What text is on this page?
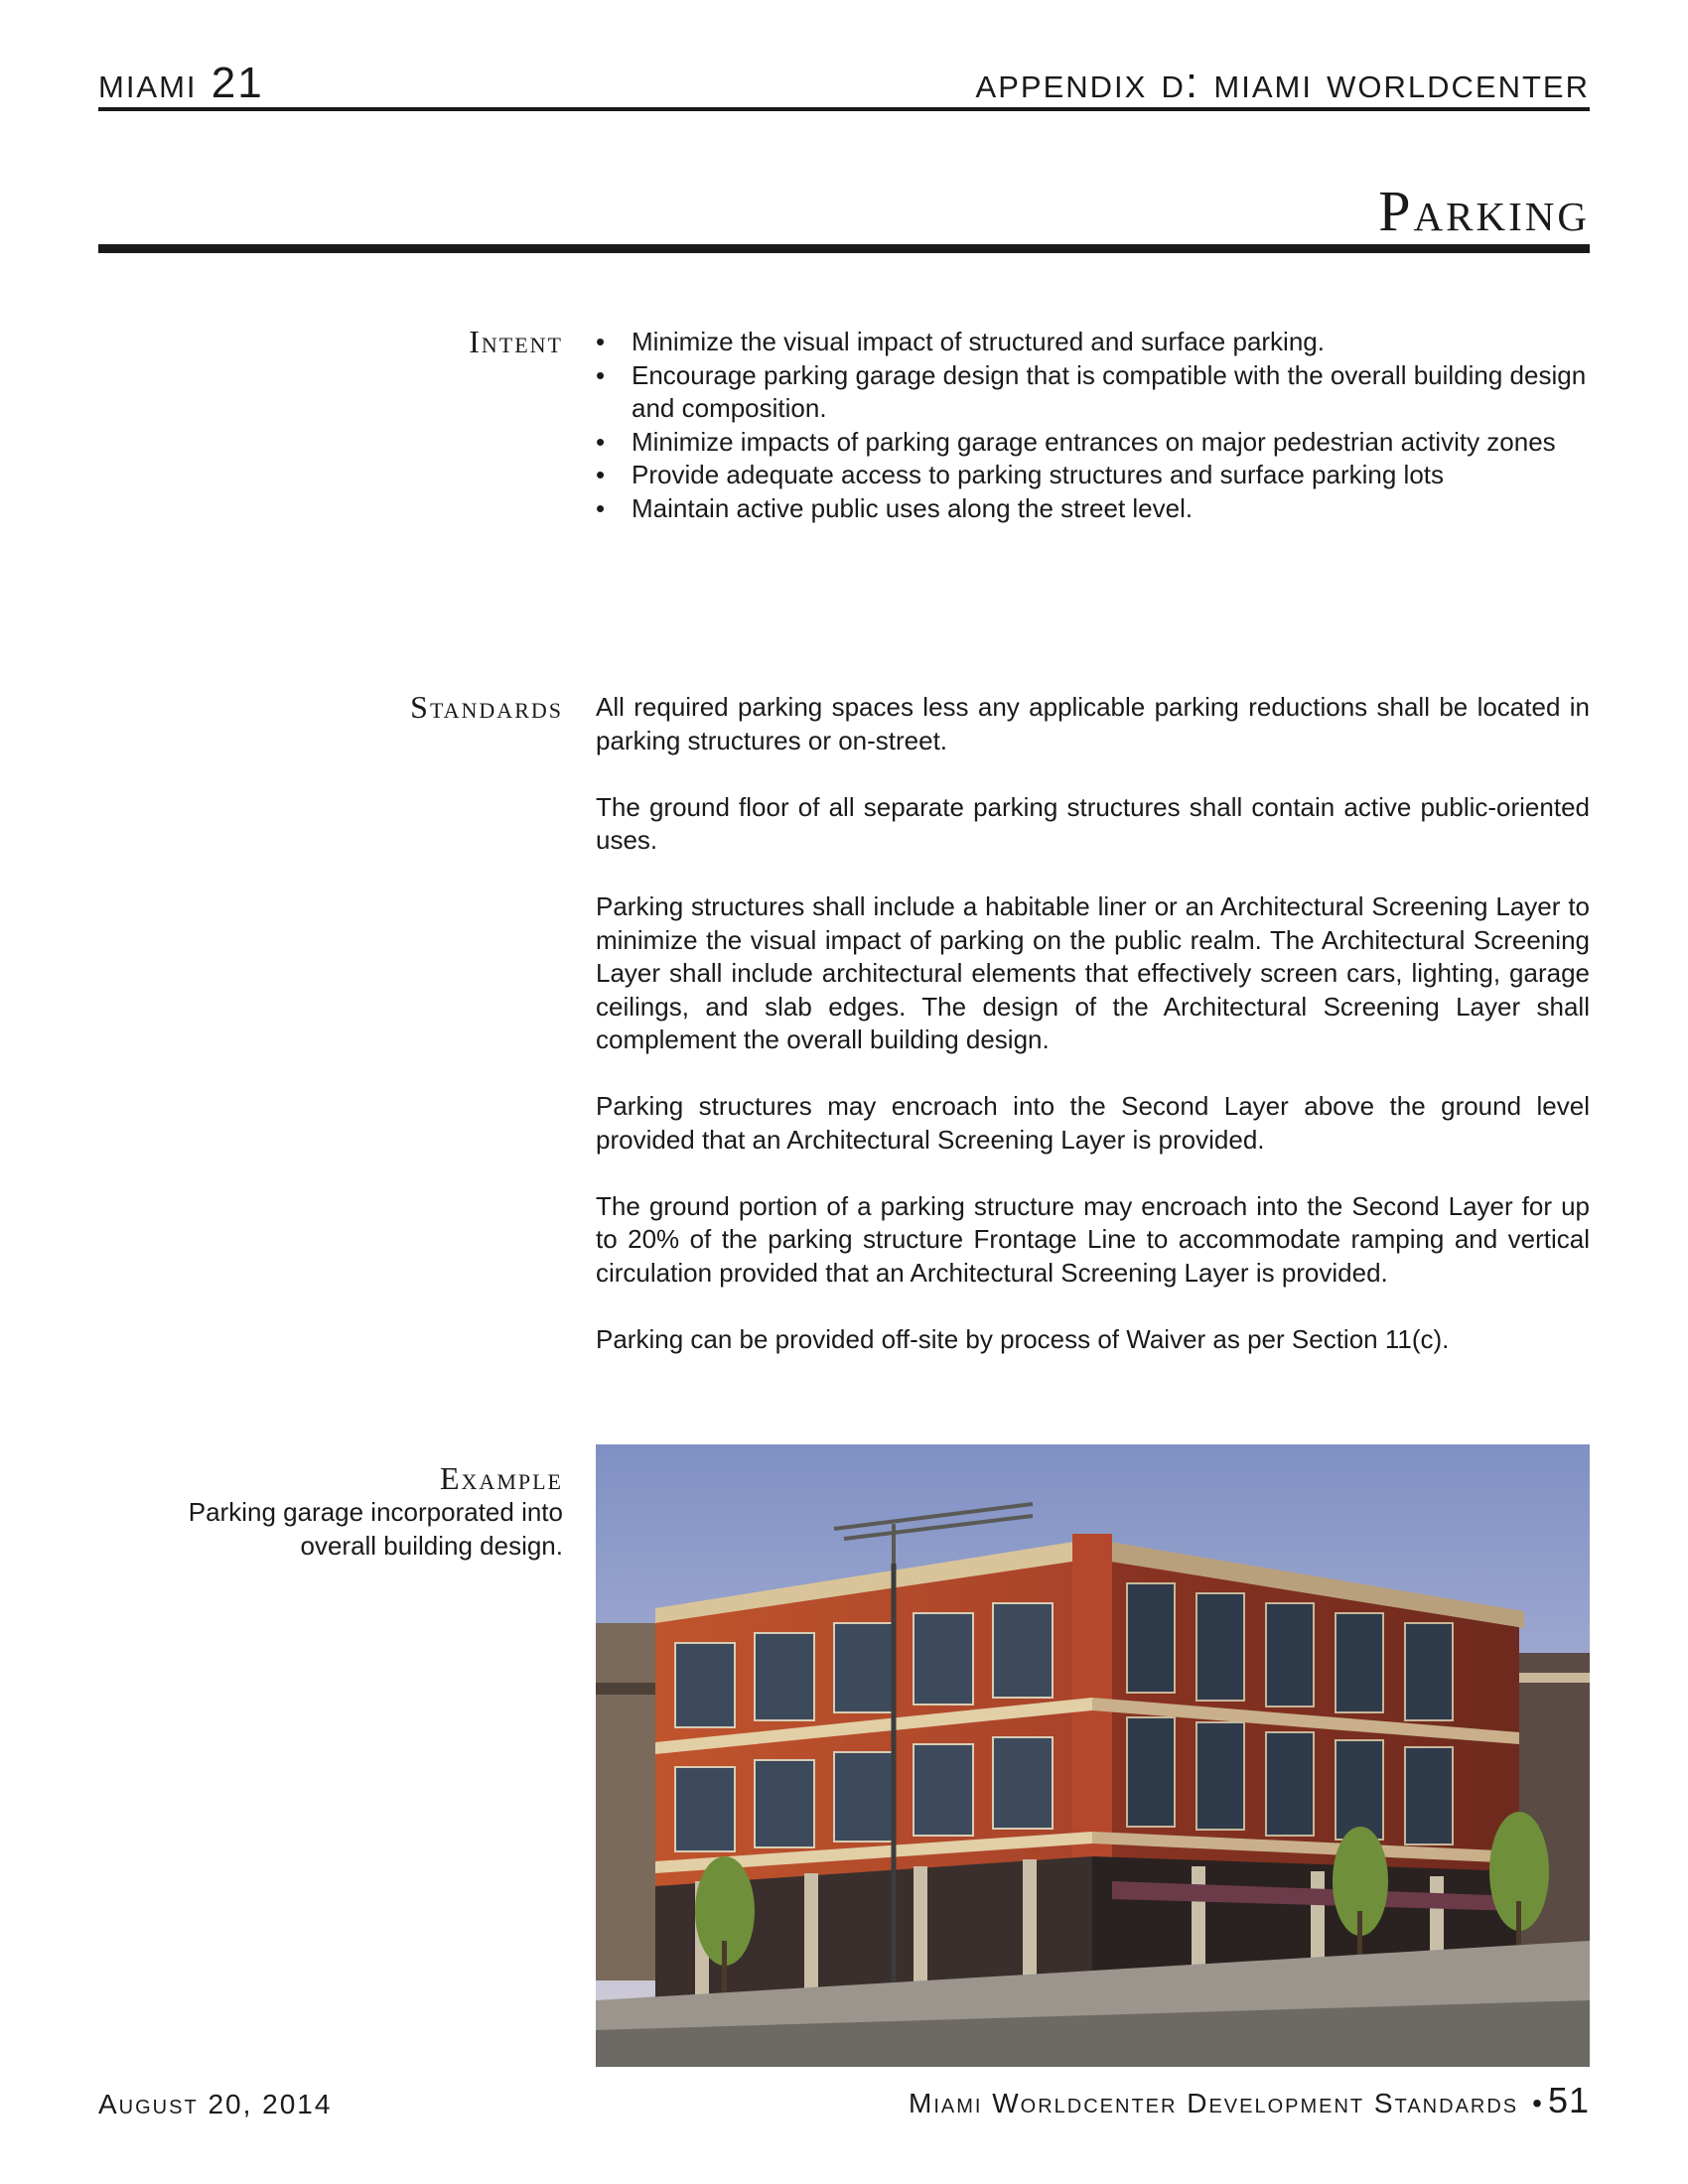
miami 21	appendix d: miami worldcenter
Parking
Intent • Minimize the visual impact of structured and surface parking.
• Encourage parking garage design that is compatible with the overall building design and composition.
• Minimize impacts of parking garage entrances on major pedestrian activity zones
• Provide adequate access to parking structures and surface parking lots
• Maintain active public uses along the street level.
Standards All required parking spaces less any applicable parking reductions shall be located in parking structures or on-street.

The ground floor of all separate parking structures shall contain active public-oriented uses.

Parking structures shall include a habitable liner or an Architectural Screening Layer to minimize the visual impact of parking on the public realm. The Architectural Screening Layer shall include architectural elements that effectively screen cars, lighting, garage ceilings, and slab edges. The design of the Architectural Screening Layer shall complement the overall building design.

Parking structures may encroach into the Second Layer above the ground level provided that an Architectural Screening Layer is provided.

The ground portion of a parking structure may encroach into the Second Layer for up to 20% of the parking structure Frontage Line to accommodate ramping and vertical circulation provided that an Architectural Screening Layer is provided.

Parking can be provided off-site by process of Waiver as per Section 11(c).

Example
Parking garage incorporated into overall building design.
August 20, 2014	Miami Worldcenter Development Standards • 51
